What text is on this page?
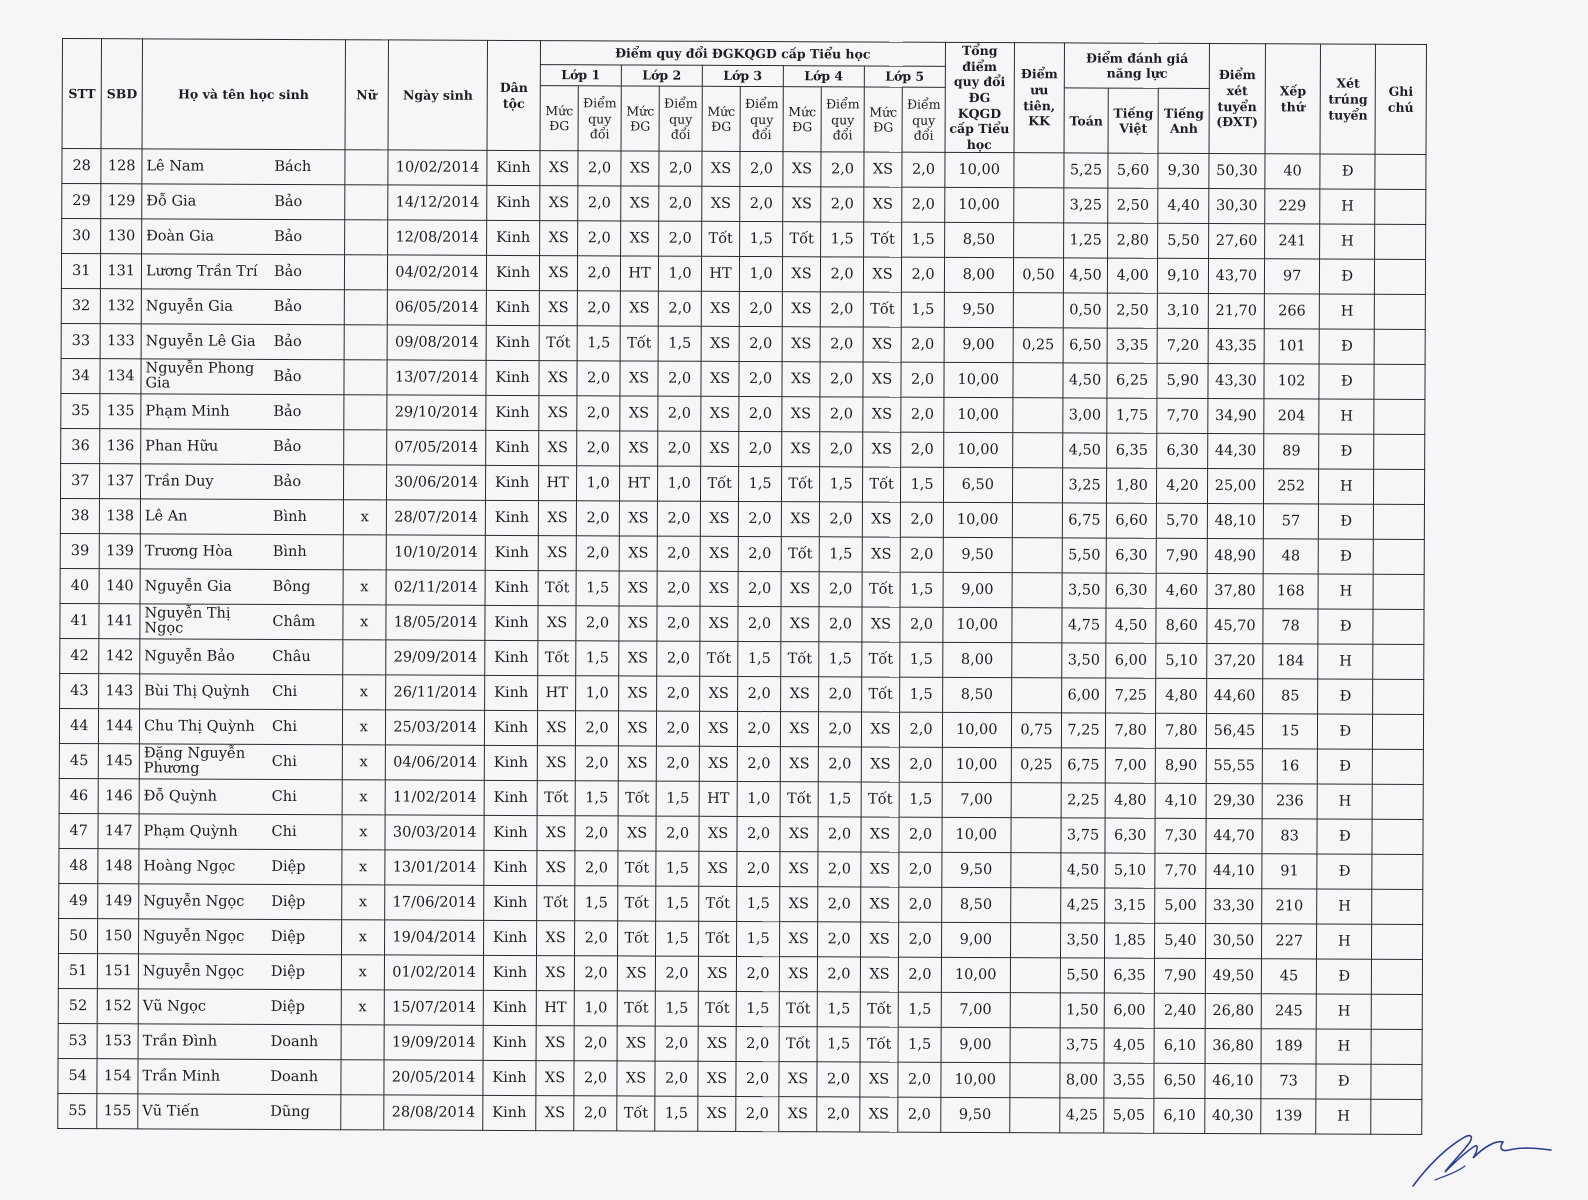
STT	SBD	Họ và tên học sinh	Nữ	Ngày sinh	Dân tộc	Điểm quy đổi ĐGKQGD cấp Tiểu học										Tổng điểm quy đổi ĐG KQGD cấp Tiểu học	Điểm ưu tiên, KK	Điểm đánh giá năng lực			Điểm xét tuyển (ĐXT)	Xếp thứ	Xét trúng tuyển	Ghi chú
						Lớp 1		Lớp 2		Lớp 3		Lớp 4		Lớp 5										
						Mức ĐG	Điểm quy đổi	Mức ĐG	Điểm quy đổi	Mức ĐG	Điểm quy đổi	Mức ĐG	Điểm quy đổi	Mức ĐG	Điểm quy đổi			Toán	Tiếng Việt	Tiếng Anh				
28	128	Lê Nam Bách		10/02/2014	Kinh	XS	2,0	XS	2,0	XS	2,0	XS	2,0	XS	2,0	10,00		5,25	5,60	9,30	50,30	40	Đ	
29	129	Đỗ Gia Bảo		14/12/2014	Kinh	XS	2,0	XS	2,0	XS	2,0	XS	2,0	XS	2,0	10,00		3,25	2,50	4,40	30,30	229	H	
30	130	Đoàn Gia Bảo		12/08/2014	Kinh	XS	2,0	XS	2,0	Tốt	1,5	Tốt	1,5	Tốt	1,5	8,50		1,25	2,80	5,50	27,60	241	H	
31	131	Lương Trần Trí Bảo		04/02/2014	Kinh	XS	2,0	HT	1,0	HT	1,0	XS	2,0	XS	2,0	8,00	0,50	4,50	4,00	9,10	43,70	97	Đ	
32	132	Nguyễn Gia Bảo		06/05/2014	Kinh	XS	2,0	XS	2,0	XS	2,0	XS	2,0	Tốt	1,5	9,50		0,50	2,50	3,10	21,70	266	H	
33	133	Nguyễn Lê Gia Bảo		09/08/2014	Kinh	Tốt	1,5	Tốt	1,5	XS	2,0	XS	2,0	XS	2,0	9,00	0,25	6,50	3,35	7,20	43,35	101	Đ	
34	134	Nguyễn Phong Gia Bảo		13/07/2014	Kinh	XS	2,0	XS	2,0	XS	2,0	XS	2,0	XS	2,0	10,00		4,50	6,25	5,90	43,30	102	Đ	
35	135	Phạm Minh Bảo		29/10/2014	Kinh	XS	2,0	XS	2,0	XS	2,0	XS	2,0	XS	2,0	10,00		3,00	1,75	7,70	34,90	204	H	
36	136	Phan Hữu Bảo		07/05/2014	Kinh	XS	2,0	XS	2,0	XS	2,0	XS	2,0	XS	2,0	10,00		4,50	6,35	6,30	44,30	89	Đ	
37	137	Trần Duy Bảo		30/06/2014	Kinh	HT	1,0	HT	1,0	Tốt	1,5	Tốt	1,5	Tốt	1,5	6,50		3,25	1,80	4,20	25,00	252	H	
38	138	Lê An Bình	x	28/07/2014	Kinh	XS	2,0	XS	2,0	XS	2,0	XS	2,0	XS	2,0	10,00		6,75	6,60	5,70	48,10	57	Đ	
39	139	Trương Hòa Bình		10/10/2014	Kinh	XS	2,0	XS	2,0	XS	2,0	Tốt	1,5	XS	2,0	9,50		5,50	6,30	7,90	48,90	48	Đ	
40	140	Nguyễn Gia Bông	x	02/11/2014	Kinh	Tốt	1,5	XS	2,0	XS	2,0	XS	2,0	Tốt	1,5	9,00		3,50	6,30	4,60	37,80	168	H	
41	141	Nguyễn Thị Ngọc Châm	x	18/05/2014	Kinh	XS	2,0	XS	2,0	XS	2,0	XS	2,0	XS	2,0	10,00		4,75	4,50	8,60	45,70	78	Đ	
42	142	Nguyễn Bảo Châu		29/09/2014	Kinh	Tốt	1,5	XS	2,0	Tốt	1,5	Tốt	1,5	Tốt	1,5	8,00		3,50	6,00	5,10	37,20	184	H	
43	143	Bùi Thị Quỳnh Chi	x	26/11/2014	Kinh	HT	1,0	XS	2,0	XS	2,0	XS	2,0	Tốt	1,5	8,50		6,00	7,25	4,80	44,60	85	Đ	
44	144	Chu Thị Quỳnh Chi	x	25/03/2014	Kinh	XS	2,0	XS	2,0	XS	2,0	XS	2,0	XS	2,0	10,00	0,75	7,25	7,80	7,80	56,45	15	Đ	
45	145	Đặng Nguyễn Phương Chi	x	04/06/2014	Kinh	XS	2,0	XS	2,0	XS	2,0	XS	2,0	XS	2,0	10,00	0,25	6,75	7,00	8,90	55,55	16	Đ	
46	146	Đỗ Quỳnh Chi	x	11/02/2014	Kinh	Tốt	1,5	Tốt	1,5	HT	1,0	Tốt	1,5	Tốt	1,5	7,00		2,25	4,80	4,10	29,30	236	H	
47	147	Phạm Quỳnh Chi	x	30/03/2014	Kinh	XS	2,0	XS	2,0	XS	2,0	XS	2,0	XS	2,0	10,00		3,75	6,30	7,30	44,70	83	Đ	
48	148	Hoàng Ngọc Diệp	x	13/01/2014	Kinh	XS	2,0	Tốt	1,5	XS	2,0	XS	2,0	XS	2,0	9,50		4,50	5,10	7,70	44,10	91	Đ	
49	149	Nguyễn Ngọc Diệp	x	17/06/2014	Kinh	Tốt	1,5	Tốt	1,5	Tốt	1,5	XS	2,0	XS	2,0	8,50		4,25	3,15	5,00	33,30	210	H	
50	150	Nguyễn Ngọc Diệp	x	19/04/2014	Kinh	XS	2,0	Tốt	1,5	Tốt	1,5	XS	2,0	XS	2,0	9,00		3,50	1,85	5,40	30,50	227	H	
51	151	Nguyễn Ngọc Diệp	x	01/02/2014	Kinh	XS	2,0	XS	2,0	XS	2,0	XS	2,0	XS	2,0	10,00		5,50	6,35	7,90	49,50	45	Đ	
52	152	Vũ Ngọc Diệp	x	15/07/2014	Kinh	HT	1,0	Tốt	1,5	Tốt	1,5	Tốt	1,5	Tốt	1,5	7,00		1,50	6,00	2,40	26,80	245	H	
53	153	Trần Đình Doanh		19/09/2014	Kinh	XS	2,0	XS	2,0	XS	2,0	Tốt	1,5	Tốt	1,5	9,00		3,75	4,05	6,10	36,80	189	H	
54	154	Trần Minh Doanh		20/05/2014	Kinh	XS	2,0	XS	2,0	XS	2,0	XS	2,0	XS	2,0	10,00		8,00	3,55	6,50	46,10	73	Đ	
55	155	Vũ Tiến Dũng		28/08/2014	Kinh	XS	2,0	Tốt	1,5	XS	2,0	XS	2,0	XS	2,0	9,50		4,25	5,05	6,10	40,30	139	H	
